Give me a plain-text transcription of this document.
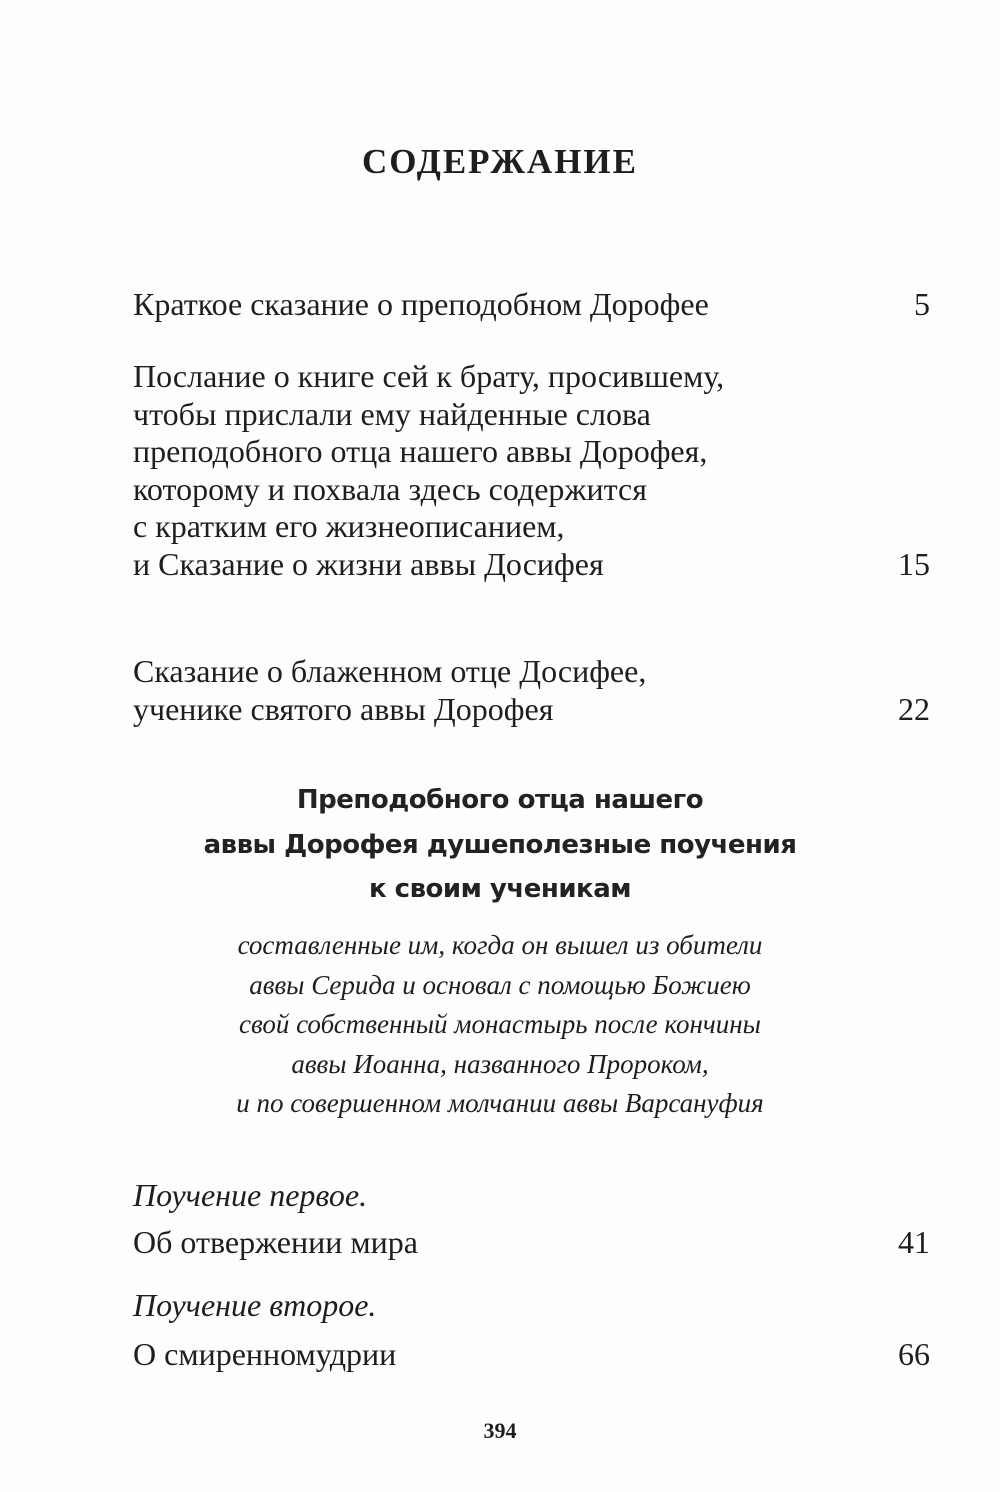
СОДЕРЖАНИЕ
Краткое сказание о преподобном Дорофее	5
Послание о книге сей к брату, просившему,
чтобы прислали ему найденные слова
преподобного отца нашего аввы Дорофея,
которому и похвала здесь содержится
с кратким его жизнеописанием,
и Сказание о жизни аввы Досифея	15
Сказание о блаженном отце Досифее,
ученике святого аввы Дорофея	22
Преподобного отца нашего
аввы Дорофея душеполезные поучения
к своим ученикам
составленные им, когда он вышел из обители
аввы Серида и основал с помощью Божиею
свой собственный монастырь после кончины
аввы Иоанна, названного Пророком,
и по совершенном молчании аввы Варсануфия
Поучение первое.
Об отвержении мира	41
Поучение второе.
О смиренномудрии	66
394
